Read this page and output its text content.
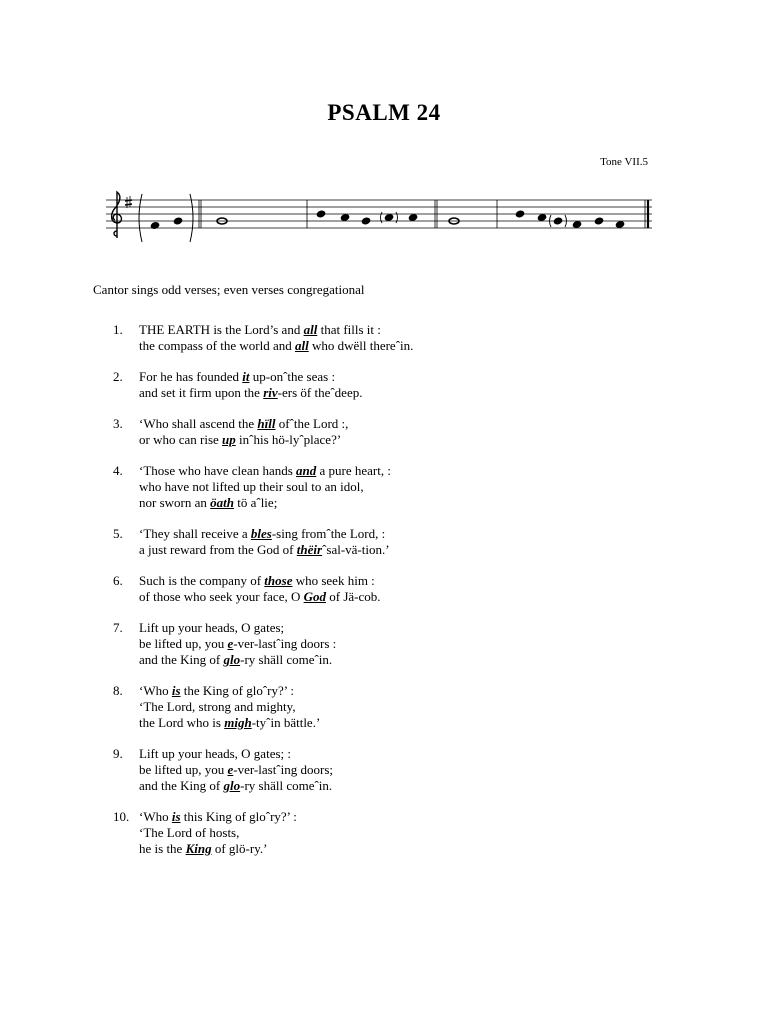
PSALM 24
Tone VII.5
Cantor sings odd verses; even verses congregational
1.	THE EARTH is the Lord’s and all that fills it :
the compass of the world and all who dwëll thereˆin.
2.	For he has founded it up-onˆthe seas :
and set it firm upon the riv-ers öf theˆdeep.
3.	‘Who shall ascend the hïll ofˆthe Lord :,
or who can rise up inˆhis hö-lyˆplace?’
4.	‘Those who have clean hands and a pure heart, :
who have not lifted up their soul to an idol,
nor sworn an öath tö aˆlie;
5.	‘They shall receive a bles-sing fromˆthe Lord, :
a just reward from the God of thëirˆsal-vä-tion.’
6.	Such is the company of those who seek him :
of those who seek your face, O God of Jä-cob.
7.	Lift up your heads, O gates;
be lifted up, you e-ver-lastˆing doors :
and the King of glo-ry shäll comeˆin.
8.	‘Who is the King of gloˆry?’ :
‘The Lord, strong and mighty,
the Lord who is migh-tyˆin bättle.’
9.	Lift up your heads, O gates; :
be lifted up, you e-ver-lastˆing doors;
and the King of glo-ry shäll comeˆin.
10. ‘Who is this King of gloˆry?’ :
‘The Lord of hosts,
he is the King of glö-ry.’
